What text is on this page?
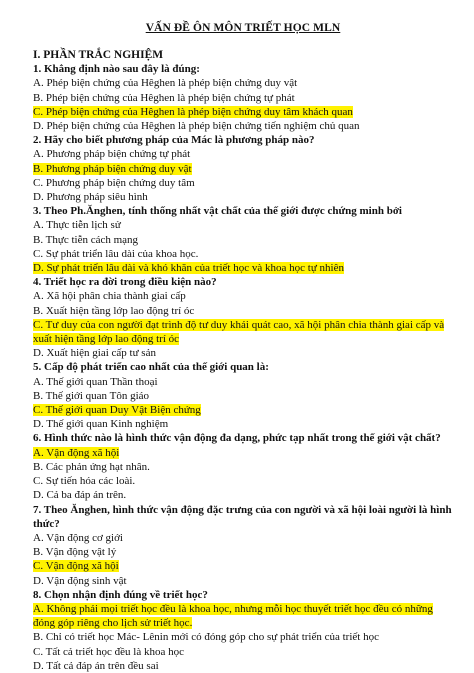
VẤN ĐỀ ÔN MÔN TRIẾT HỌC MLN
I. PHẦN TRẮC NGHIỆM
1. Khẳng định nào sau đây là đúng:
A. Phép biện chứng của Hêghen là phép biện chứng duy vật
B. Phép biện chứng của Hêghen là phép biện chứng tự phát
C. Phép biện chứng của Hêghen là phép biện chứng duy tâm khách quan
D. Phép biện chứng của Hêghen là phép biện chứng tiến nghiệm chủ quan
2. Hãy cho biết phương pháp của Mác là phương pháp nào?
A. Phương pháp biện chứng tự phát
B. Phương pháp biện chứng duy vật
C. Phương pháp biện chứng duy tâm
D. Phương pháp siêu hình
3. Theo Ph.Ănghen, tính thống nhất vật chất của thế giới được chứng minh bởi
A. Thực tiễn lịch sử
B. Thực tiễn cách mạng
C. Sự phát triển lâu dài của khoa học.
D. Sự phát triển lâu dài và khó khăn của triết học và khoa học tự nhiên
4. Triết học ra đời trong điều kiện nào?
A. Xã hội phân chia thành giai cấp
B. Xuất hiện tầng lớp lao động trí óc
C. Tư duy của con người đạt trình độ tư duy khái quát cao, xã hội phân chia thành giai cấp và xuất hiện tầng lớp lao động trí óc
D. Xuất hiện giai cấp tư sản
5. Cấp độ phát triển cao nhất của thế giới quan là:
A. Thế giới quan Thần thoại
B. Thế giới quan Tôn giáo
C. Thế giới quan Duy Vật Biện chứng
D. Thế giới quan Kinh nghiệm
6. Hình thức nào là hình thức vận động đa dạng, phức tạp nhất trong thế giới vật chất?
A. Vận động xã hội
B. Các phản ứng hạt nhân.
C. Sự tiến hóa các loài.
D. Cả ba đáp án trên.
7. Theo Ănghen, hình thức vận động đặc trưng của con người và xã hội loài người là hình thức?
A. Vận động cơ giới
B. Vận động vật lý
C. Vận động xã hội
D. Vận động sinh vật
8. Chọn nhận định đúng về triết học?
A. Không phải mọi triết học đều là khoa học, nhưng mỗi học thuyết triết học đều có những đóng góp riêng cho lịch sử triết học.
B. Chỉ có triết học Mác- Lênin mới có đóng góp cho sự phát triển của triết học
C. Tất cả triết học đều là khoa học
D. Tất cả đáp án trên đều sai
